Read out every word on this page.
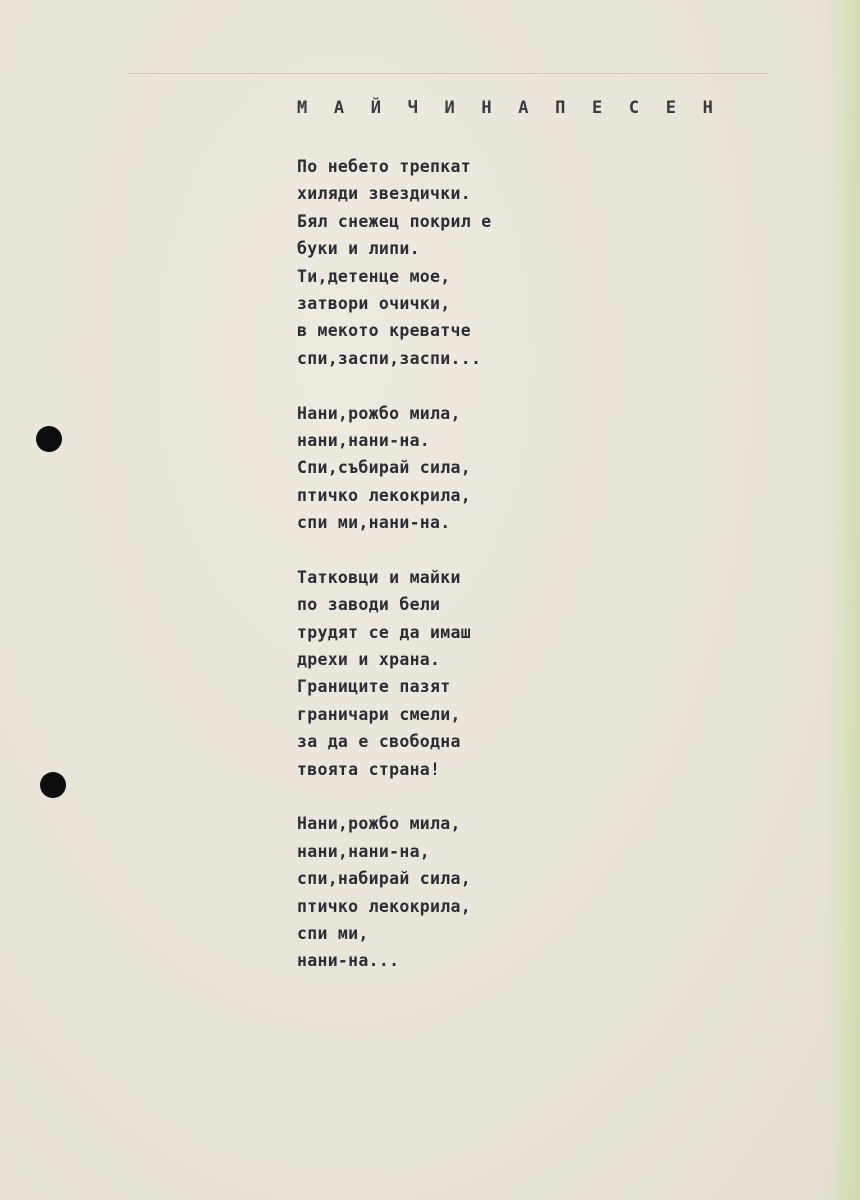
М А Й Ч И Н А П Е С Е Н
По небето трепкат
хиляди звездички.
Бял снежец покрил е
буки и липи.
Ти,детенце мое,
затвори очички,
в мекото креватче
спи,заспи,заспи...
Нани,рожбо мила,
нани,нани-на.
Спи,събирай сила,
птичко лекокрила,
спи ми,нани-на.
Татковци и майки
по заводи бели
трудят се да имаш
дрехи и храна.
Границите пазят
граничари смели,
за да е свободна
твоята страна!
Нани,рожбо мила,
нани,нани-на,
спи,набирай сила,
птичко лекокрила,
спи ми,
нани-на...
